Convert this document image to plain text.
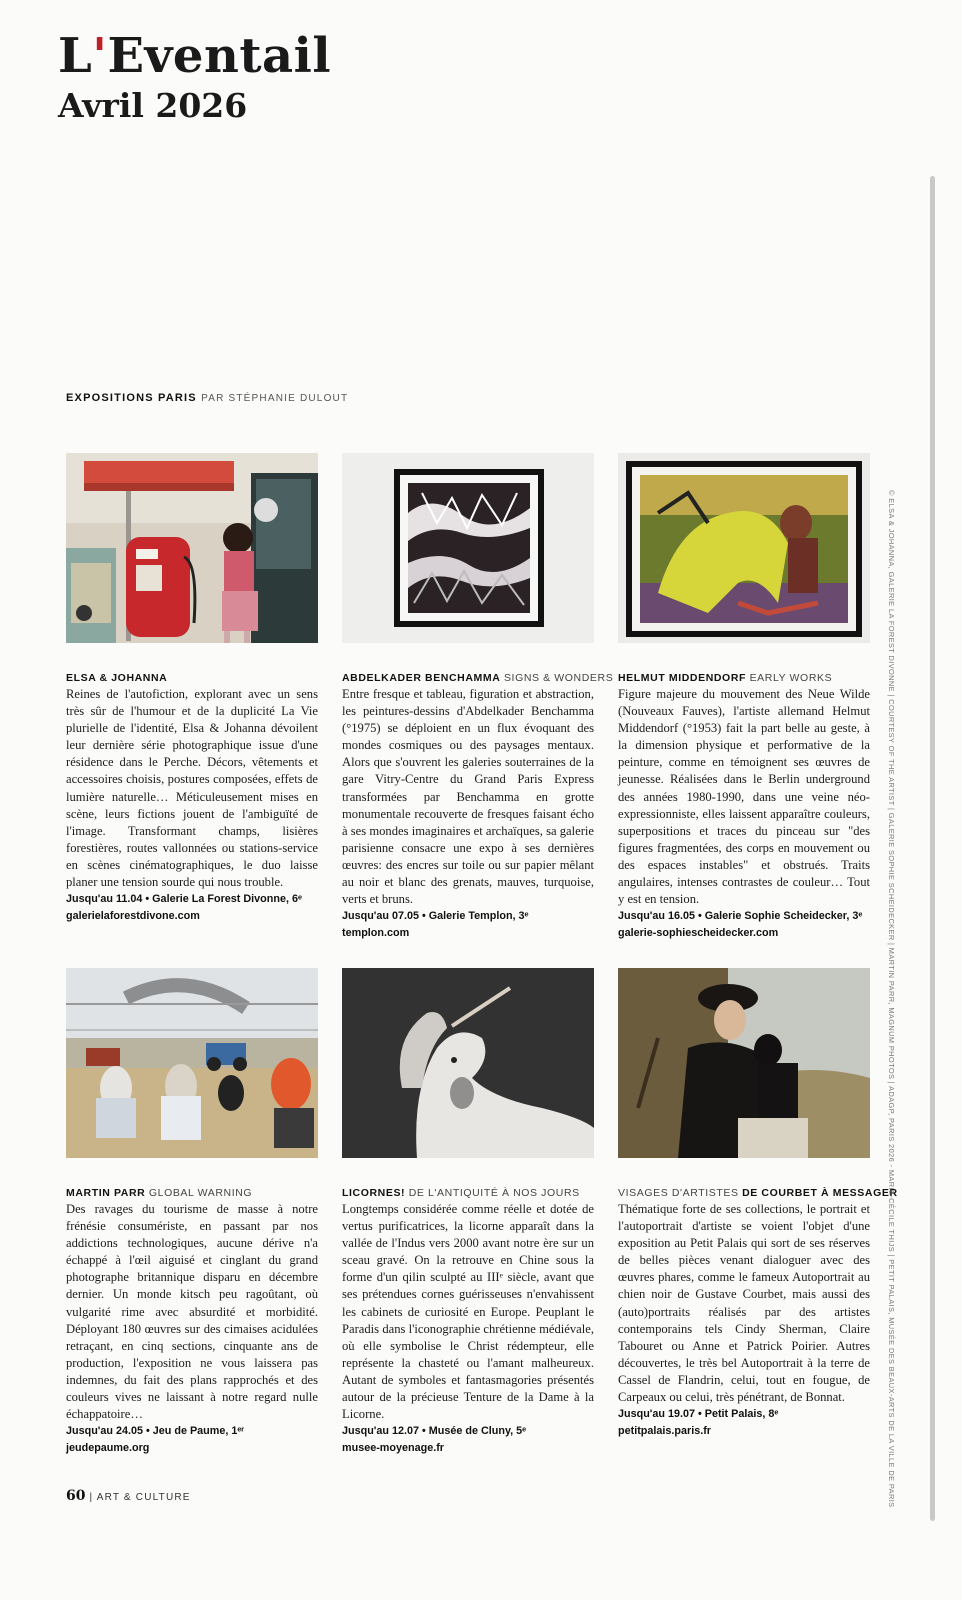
L'Eventail
Avril 2026
EXPOSITIONS PARIS PAR STÉPHANIE DULOUT
ELSA & JOHANNA
Reines de l'autofiction, explorant avec un sens très sûr de l'humour et de la duplicité La Vie plurielle de l'identité, Elsa & Johanna dévoilent leur dernière série photographique issue d'une résidence dans le Perche. Décors, vêtements et accessoires choisis, postures composées, effets de lumière naturelle… Méticuleusement mises en scène, leurs fictions jouent de l'ambiguïté de l'image. Transformant champs, lisières forestières, routes vallonnées ou stations-service en scènes cinématographiques, le duo laisse planer une tension sourde qui nous trouble.
Jusqu'au 11.04 • Galerie La Forest Divonne, 6ᵉ
galerielaforestdivone.com
ABDELKADER BENCHAMMA SIGNS & WONDERS
Entre fresque et tableau, figuration et abstraction, les peintures-dessins d'Abdelkader Benchamma (°1975) se déploient en un flux évoquant des mondes cosmiques ou des paysages mentaux. Alors que s'ouvrent les galeries souterraines de la gare Vitry-Centre du Grand Paris Express transformées par Benchamma en grotte monumentale recouverte de fresques faisant écho à ses mondes imaginaires et archaïques, sa galerie parisienne consacre une expo à ses dernières œuvres: des encres sur toile ou sur papier mêlant au noir et blanc des grenats, mauves, turquoise, verts et bruns.
Jusqu'au 07.05 • Galerie Templon, 3ᵉ
templon.com
HELMUT MIDDENDORF EARLY WORKS
Figure majeure du mouvement des Neue Wilde (Nouveaux Fauves), l'artiste allemand Helmut Middendorf (°1953) fait la part belle au geste, à la dimension physique et performative de la peinture, comme en témoignent ses œuvres de jeunesse. Réalisées dans le Berlin underground des années 1980-1990, dans une veine néo-expressionniste, elles laissent apparaître couleurs, superpositions et traces du pinceau sur "des figures fragmentées, des corps en mouvement ou des espaces instables" et obstrués. Traits angulaires, intenses contrastes de couleur… Tout y est en tension.
Jusqu'au 16.05 • Galerie Sophie Scheidecker, 3ᵉ
galerie-sophiescheidecker.com
MARTIN PARR GLOBAL WARNING
Des ravages du tourisme de masse à notre frénésie consumériste, en passant par nos addictions technologiques, aucune dérive n'a échappé à l'œil aiguisé et cinglant du grand photographe britannique disparu en décembre dernier. Un monde kitsch peu ragoûtant, où vulgarité rime avec absurdité et morbidité. Déployant 180 œuvres sur des cimaises acidulées retraçant, en cinq sections, cinquante ans de production, l'exposition ne vous laissera pas indemnes, du fait des plans rapprochés et des couleurs vives ne laissant à notre regard nulle échappatoire…
Jusqu'au 24.05 • Jeu de Paume, 1ᵉʳ
jeudepaume.org
LICORNES! DE L'ANTIQUITÉ À NOS JOURS
Longtemps considérée comme réelle et dotée de vertus purificatrices, la licorne apparaît dans la vallée de l'Indus vers 2000 avant notre ère sur un sceau gravé. On la retrouve en Chine sous la forme d'un qilin sculpté au IIIᵉ siècle, avant que ses prétendues cornes guérisseuses n'envahissent les cabinets de curiosité en Europe. Peuplant le Paradis dans l'iconographie chrétienne médiévale, où elle symbolise le Christ rédempteur, elle représente la chasteté ou l'amant malheureux. Autant de symboles et fantasmagories présentés autour de la précieuse Tenture de la Dame à la Licorne.
Jusqu'au 12.07 • Musée de Cluny, 5ᵉ
musee-moyenage.fr
VISAGES D'ARTISTES DE COURBET À MESSAGER
Thématique forte de ses collections, le portrait et l'autoportrait d'artiste se voient l'objet d'une exposition au Petit Palais qui sort de ses réserves de belles pièces venant dialoguer avec des œuvres phares, comme le fameux Autoportrait au chien noir de Gustave Courbet, mais aussi des (auto)portraits réalisés par des artistes contemporains tels Cindy Sherman, Claire Tabouret ou Anne et Patrick Poirier. Autres découvertes, le très bel Autoportrait à la terre de Cassel de Flandrin, celui, tout en fougue, de Carpeaux ou celui, très pénétrant, de Bonnat.
Jusqu'au 19.07 • Petit Palais, 8ᵉ
petitpalais.paris.fr
60 | ART & CULTURE	© ELSA & JOHANNA, GALERIE LA FOREST DIVONNE | COURTESY OF THE ARTIST | GALERIE SOPHIE SCHEIDECKER | MARTIN PARR, MAGNUM PHOTOS | ADAGP, PARIS 2026 - MARIE-CÉCILE THIJS | PETIT PALAIS, MUSÉE DES BEAUX-ARTS DE LA VILLE DE PARIS
